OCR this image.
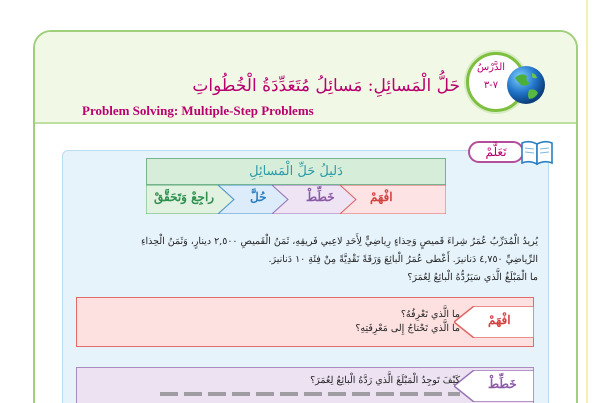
حَلُّ الْمَسائِلِ: مَسائِلُ مُتَعَدِّدَةُ الْخُطُواتِ
Problem Solving: Multiple-Step Problems
الدَّرْسُ
٧-٣
تَعَلَّمْ
دَليلُ حَلِّ الْمَسائِلِ
افْهَمْ
خَطِّطْ
حُلَّ
راجِعْ وَتَحَقَّقْ
يُريدُ الْمُدَرِّبُ عُمَرُ شِراءَ قَميصٍ وَحِذاءٍ رِياضِيٍّ لِأَحَدِ لاعِبي فَريقِهِ، ثَمَنُ الْقَميصِ ٢,٥٠٠ دينارٍ، وَثَمَنُ الْحِذاءِ
الرِّياضِيِّ ٤,٧٥٠ دَنانيرَ. أَعْطى عُمَرُ الْبائِعَ وَرَقَةً نَقْدِيَّةً مِنْ فِئَةِ ١٠ دَنانيرَ.
ما الْمَبْلَغُ الَّذي سَيَرُدُّهُ الْبائِعُ لِعُمَرَ؟
افْهَمْ
ما الَّذي تَعْرِفُهُ؟
ما الَّذي تَحْتاجُ إِلى مَعْرِفَتِهِ؟
خَطِّطْ
كَيْفَ تَوجِدُ الْمَبْلَغَ الَّذي رَدَّهُ الْبائِعُ لِعُمَرَ؟
